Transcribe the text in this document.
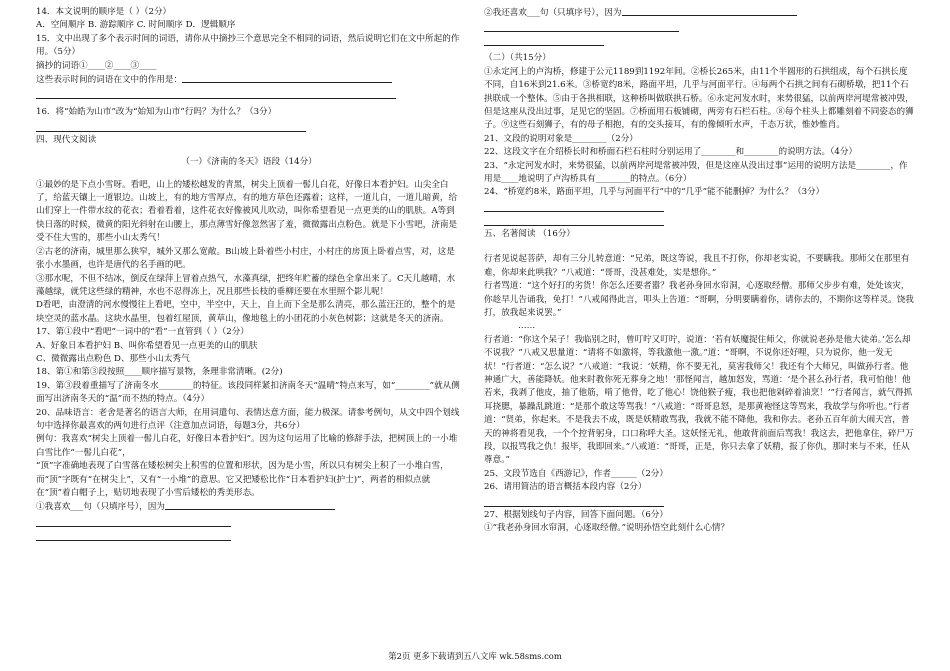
14．本文说明的顺序是（ ）（2分）

A．空间顺序 B. 游踪顺序 C. 时间顺序 D．逻辑顺序

15．文中出现了多个表示时间的词语，请你从中摘抄三个意思完全不相同的词语，然后说明它们在文中所起的作用。（5分）

摘抄的词语①____②____③____

这些表示时间的词语在文中的作用是：

16．将“始皓为山市”改为“始知为山市”行吗？为什么？（3分）

四、现代文阅读

（一）《济南的冬天》语段（14分）

①最妙的是下点小雪呀。看吧，山上的矮松越发的青黑，树尖上顶着一髻儿白花，好像日本看护妇。山尖全白了，给蓝天镶上一道银边。山坡上，有的地方雪厚点，有的地方草色还露着；这样，一道儿白，一道儿暗黄，给山们穿上一件带水纹的花衣；看着看着，这件花衣好像被风儿吹动，叫你希望看见一点更美的山的肌肤。A等到快日落的时候，微黄的阳光斜射在山腰上，那点薄雪好像忽然害了羞，微微露出点粉色。就是下小雪吧，济南是受不住大雪的，那些小山太秀气！

②古老的济南，城里那么狭窄，城外又那么宽敞。B山坡上卧着些小村庄，小村庄的房顶上卧着点雪，对，这是张小水墨画，也许是唐代的名手画的吧。

③那水呢，不但不结冰，倒反在绿萍上冒着点热气，水藻真绿，把终年贮蓄的绿色全拿出来了。C天儿越晴，水藻越绿，就凭这些绿的精神，水也不忍得冻上，况且那些长枝的垂柳还要在水里照个影儿呢！

D看吧，由澄清的河水慢慢往上看吧，空中，半空中，天上，自上而下全是那么清亮，那么蓝汪汪的，整个的是块空灵的蓝水晶。这块水晶里，包着红屋顶，黄草山，像地毯上的小团花的小灰色树影；这就是冬天的济南。

17、第①段中“看吧”一词中的“看”一直管到（ ）（2分）

A、好象日本看护妇 B、叫你希望看见一点更美的山的肌肤

C、微微露出点粉色 D、那些小山太秀气

18、第①和第③段按照____顺序描写景物，条理非常清晰。(2分)

19、第③段着重描写了济南冬水________的特征。该段同样紧扣济南冬天“温晴”特点来写，如“________”就从侧面写出济南冬天的“温”而不热的特点。（4分）

20、品味语言：老舍是著名的语言大师，在用词遣句、表情达意方面，能力极深。请参考例句，从文中四个划线句中选择你最喜欢的两句进行点评（注意加点词语，每题3分，共6分）

例句：我喜欢“树尖上顶着一髻儿白花，好像日本看护妇”。因为这句运用了比喻的修辞手法，把树顶上的一小堆白雪比作“一髻儿白花”，

“顶”字准确地表现了白雪落在矮松树尖上积雪的位置和形状，因为是小雪，所以只有树尖上积了一小堆白雪，而“顶”字既有“在树尖上”，又有“一小堆”的意思。它又把矮松比作“日本看护妇(护士)”，两者的相似点就在“顶”着白帽子上，贴切地表现了小雪后矮松的秀美形态。

①我喜欢___句（只填序号），因为

②我还喜欢___句（只填序号），因为

（二）（共15分）

①永定河上的卢沟桥，修建于公元1189到1192年间。②桥长265米，由11个半圆形的石拱组成，每个石拱长度不同，自16米到21.6米。③桥宽约8米，路面平坦，几乎与河面平行。④每两个石拱之间有石砌桥墩，把11个石拱联成一个整体。⑤由于各拱相联，这种桥叫做联拱石桥。⑥永定河发水时，来势很猛，以前两岸河堤常被冲毁，但是这座从没出过事，足见它的坚固。⑦桥面用石板铺砌，两旁有石栏石柱。⑧每个柱头上都雕刻着不同姿态的狮子。⑨这些石刻狮子，有的母子相抱，有的交头接耳，有的像倾听水声，千态万状，惟妙惟肖。

21、文段的说明对象是________（2分）

22、这段文字在介绍桥长时和桥面石栏石柱时分别运用了________和________的说明方法。（4分）

23、“永定河发水时，来势很猛，以前两岸河堤常被冲毁，但是这座从没出过事”运用的说明方法是________，作用是____地说明了卢沟桥具有________的特点。（6分）

24、“桥宽约8米，路面平坦，几乎与河面平行”中的“几乎”能不能删掉？为什么？（3分）

五、名著阅读 （16分）

行者见说起菩萨，却有三分儿转意道：“兄弟，既这等说，我且不打你，你却老实说，不要瞒我。那师父在那里有难，你却来此哄我？”八戒道：“哥哥，没甚难处，实是想你。”

行者骂道：“这个好打的劣货！你怎么还要者嚣？我老孙身回水帘洞，心逐取经僧。那师父步步有难，处处该灾，你趁早儿告诵我，免打！”八戒闻得此言，叩头上告道：“哥啊，分明要瞒着你，请你去的，不期你这等样灵。饶我打，放我起来说罢。”

……

行者道：“你这个呆子！我临别之时，曾叮咛又叮咛，说道：‘若有妖魔捉住师父，你就说老孙是他大徒弟。’怎么却不说我？”八戒又思量道：“请将不如激将，等我激他一激。”道：“哥啊，不说你还好哩，只为说你，他一发无状！”行者道：“怎么说？”八戒道：“我说：‘妖精，你不要无礼，莫害我师父！我还有个大师兄，叫做孙行者。他神通广大，善能降妖。他来时教你死无葬身之地！’那怪闻言，越加怒发，骂道：‘是个甚么孙行者，我可怕他！他若来，我剥了他皮，抽了他筋，啃了他骨，吃了他心！饶他猴子瘦，我也把他剁碎着油烹！’”行者闻言，就气得抓耳挠腮，暴躁乱跳道：“是那个敢这等骂我！”八戒道：“哥哥息怒，是那黄袍怪这等骂来，我故学与你听也。”行者道：“贤弟，你起来。不是我去不成，既是妖精敢骂我，我就不能不降他，我和你去。老孙五百年前大闹天宫，普天的神将看见我，一个个控背躬身，口口称呼大圣。这妖怪无礼，他敢背前面后骂我！我这去，把他拿住，碎尸万段，以报骂我之仇！报毕，我即回来。”八戒道：“哥哥，正是，你只去拿了妖精，报了你仇，那时来与不来，任从尊意。”

25、文段节选自《西游记》，作者______（2分）

26、请用简洁的语言概括本段内容（2分）

27、根据划线句子内容，回答下面问题。（6分）

①“我老孙身回水帘洞，心逐取经僧。”说明孙悟空此刻什么心情？

第2页 更多下载请到五八文库 wk.58sms.com
